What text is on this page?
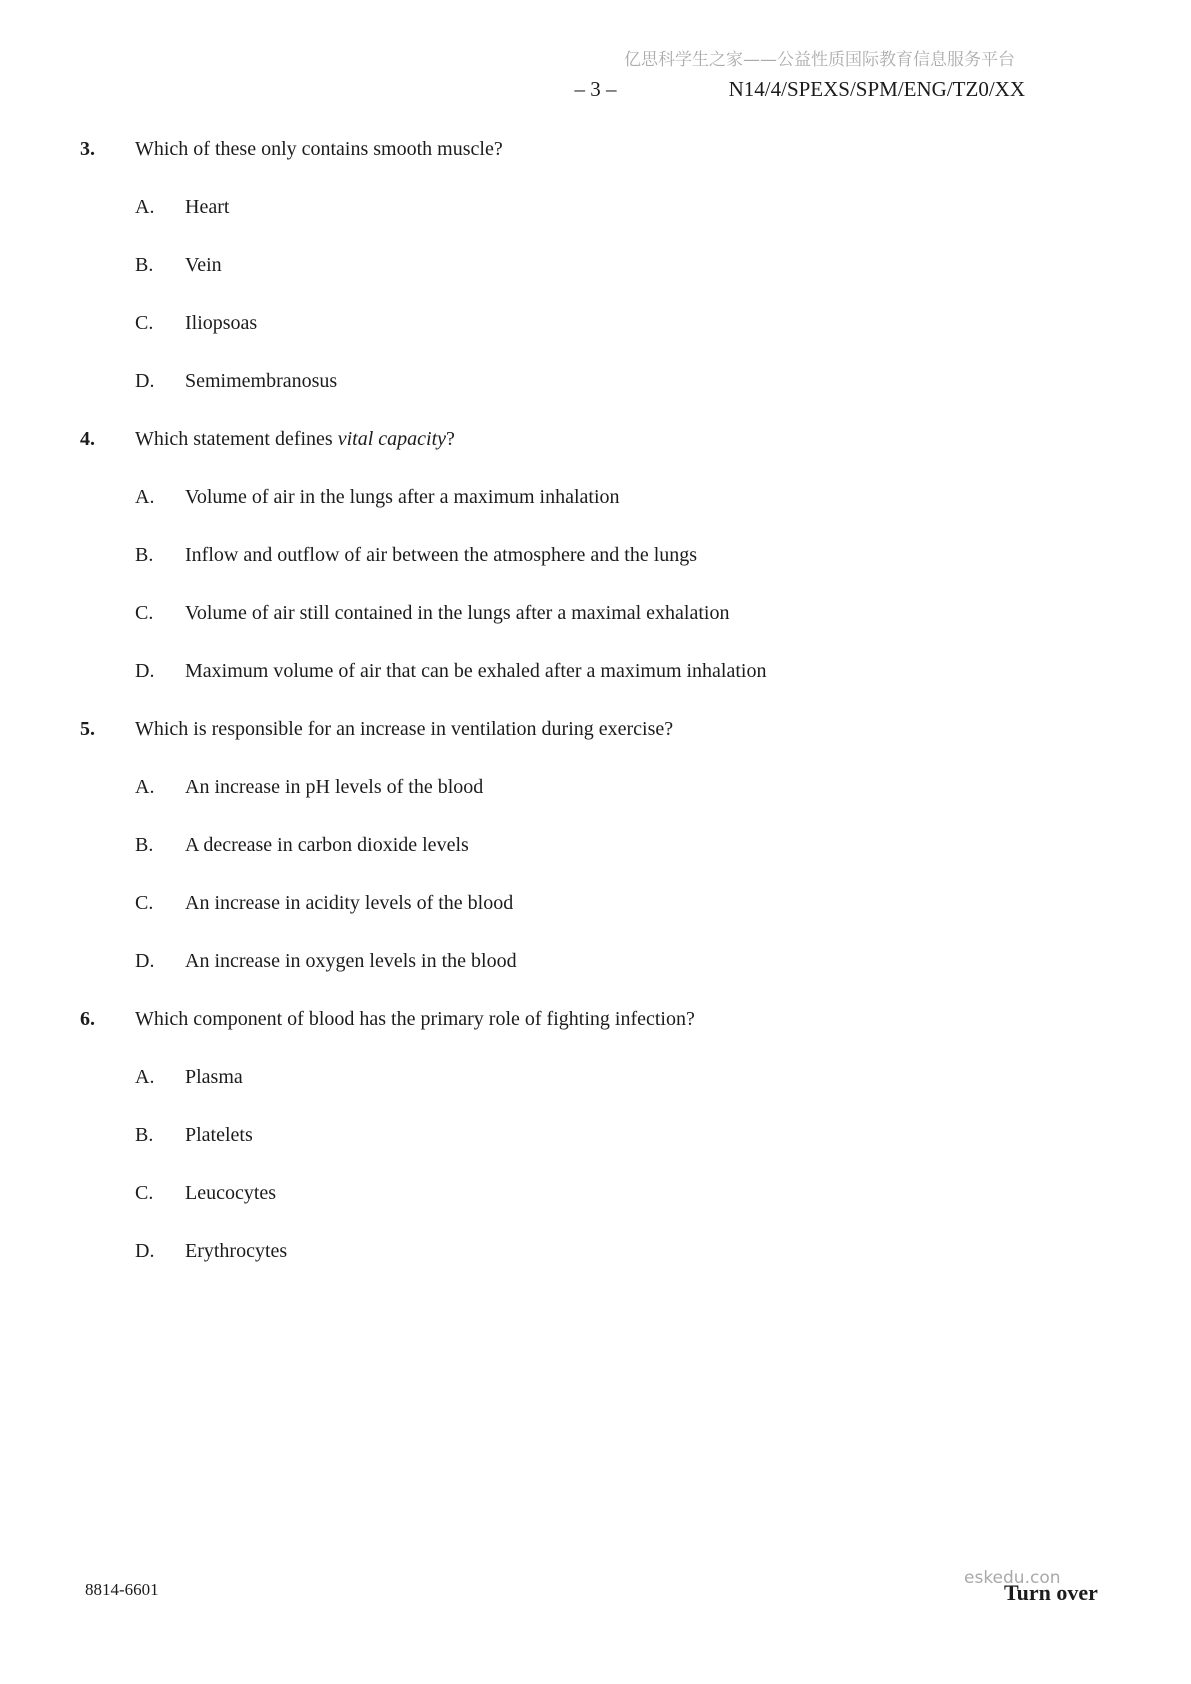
亿思科学生之家——公益性质国际教育信息服务平台
– 3 –	N14/4/SPEXS/SPM/ENG/TZ0/XX
3.	Which of these only contains smooth muscle?
A.	Heart
B.	Vein
C.	Iliopsoas
D.	Semimembranosus
4.	Which statement defines vital capacity?
A.	Volume of air in the lungs after a maximum inhalation
B.	Inflow and outflow of air between the atmosphere and the lungs
C.	Volume of air still contained in the lungs after a maximal exhalation
D.	Maximum volume of air that can be exhaled after a maximum inhalation
5.	Which is responsible for an increase in ventilation during exercise?
A.	An increase in pH levels of the blood
B.	A decrease in carbon dioxide levels
C.	An increase in acidity levels of the blood
D.	An increase in oxygen levels in the blood
6.	Which component of blood has the primary role of fighting infection?
A.	Plasma
B.	Platelets
C.	Leucocytes
D.	Erythrocytes
8814-6601
eskedu.con
Turn over
